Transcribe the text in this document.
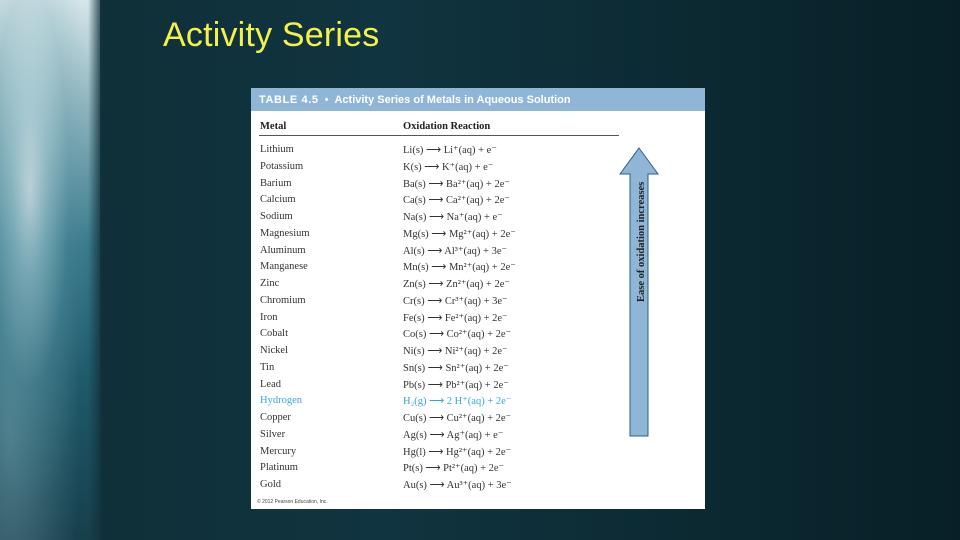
Activity Series
TABLE 4.5 • Activity Series of Metals in Aqueous Solution
Metal	Oxidation Reaction
Lithium	Li(s) ⟶ Li⁺(aq) + e⁻
Potassium	K(s) ⟶ K⁺(aq) + e⁻
Barium	Ba(s) ⟶ Ba²⁺(aq) + 2e⁻
Calcium	Ca(s) ⟶ Ca²⁺(aq) + 2e⁻
Sodium	Na(s) ⟶ Na⁺(aq) + e⁻
Magnesium	Mg(s) ⟶ Mg²⁺(aq) + 2e⁻
Aluminum	Al(s) ⟶ Al³⁺(aq) + 3e⁻
Manganese	Mn(s) ⟶ Mn²⁺(aq) + 2e⁻
Zinc	Zn(s) ⟶ Zn²⁺(aq) + 2e⁻
Chromium	Cr(s) ⟶ Cr³⁺(aq) + 3e⁻
Iron	Fe(s) ⟶ Fe²⁺(aq) + 2e⁻
Cobalt	Co(s) ⟶ Co²⁺(aq) + 2e⁻
Nickel	Ni(s) ⟶ Ni²⁺(aq) + 2e⁻
Tin	Sn(s) ⟶ Sn²⁺(aq) + 2e⁻
Lead	Pb(s) ⟶ Pb²⁺(aq) + 2e⁻
Hydrogen	H₂(g) ⟶ 2 H⁺(aq) + 2e⁻
Copper	Cu(s) ⟶ Cu²⁺(aq) + 2e⁻
Silver	Ag(s) ⟶ Ag⁺(aq) + e⁻
Mercury	Hg(l) ⟶ Hg²⁺(aq) + 2e⁻
Platinum	Pt(s) ⟶ Pt²⁺(aq) + 2e⁻
Gold	Au(s) ⟶ Au³⁺(aq) + 3e⁻
Ease of oxidation increases
© 2012 Pearson Education, Inc.
